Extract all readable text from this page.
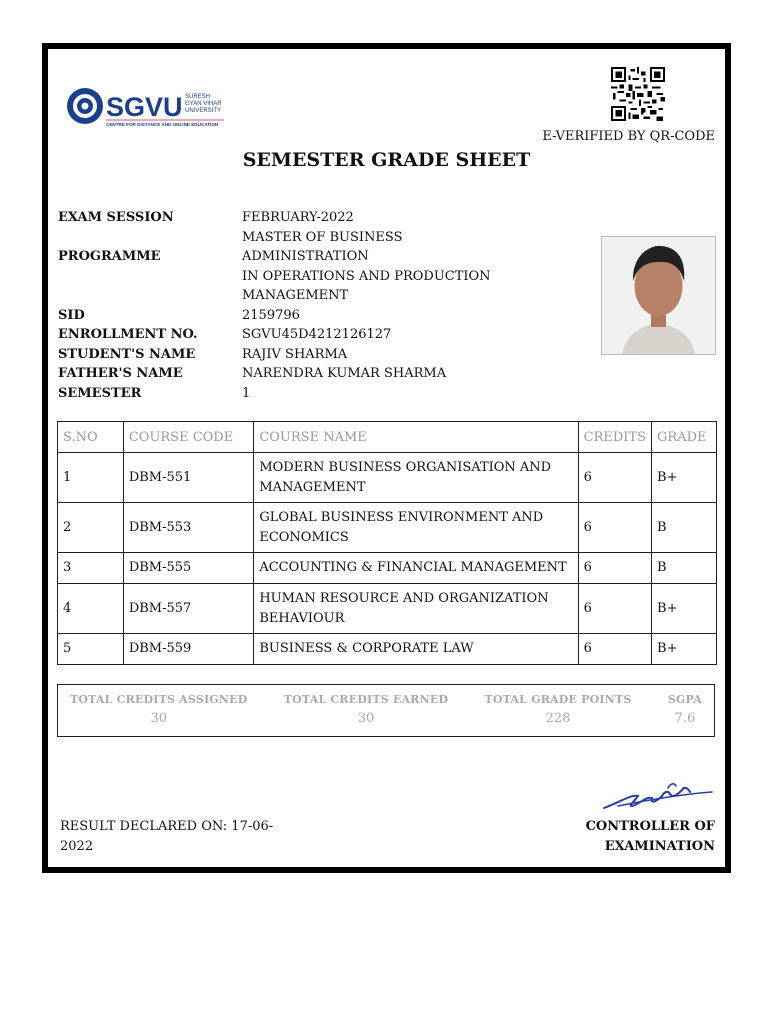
SGVU SURESH
GYAN VIHAR
UNIVERSITY
CENTRE FOR DISTANCE AND ONLINE EDUCATION
E-VERIFIED BY QR-CODE
SEMESTER GRADE SHEET
EXAM SESSION	FEBRUARY-2022
PROGRAMME
MASTER OF BUSINESS ADMINISTRATION
IN OPERATIONS AND PRODUCTION
MANAGEMENT
SID	2159796
ENROLLMENT NO.	SGVU45D4212126127
STUDENT'S NAME	RAJIV SHARMA
FATHER'S NAME	NARENDRA KUMAR SHARMA
SEMESTER	1
S.NO	COURSE CODE	COURSE NAME	CREDITS	GRADE
1	DBM-551	MODERN BUSINESS ORGANISATION AND MANAGEMENT	6	B+
2	DBM-553	GLOBAL BUSINESS ENVIRONMENT AND ECONOMICS	6	B
3	DBM-555	ACCOUNTING & FINANCIAL MANAGEMENT	6	B
4	DBM-557	HUMAN RESOURCE AND ORGANIZATION BEHAVIOUR	6	B+
5	DBM-559	BUSINESS & CORPORATE LAW	6	B+
TOTAL CREDITS ASSIGNED
30
TOTAL CREDITS EARNED
30
TOTAL GRADE POINTS
228
SGPA
7.6
RESULT DECLARED ON: 17-06-
2022
CONTROLLER OF
EXAMINATION
